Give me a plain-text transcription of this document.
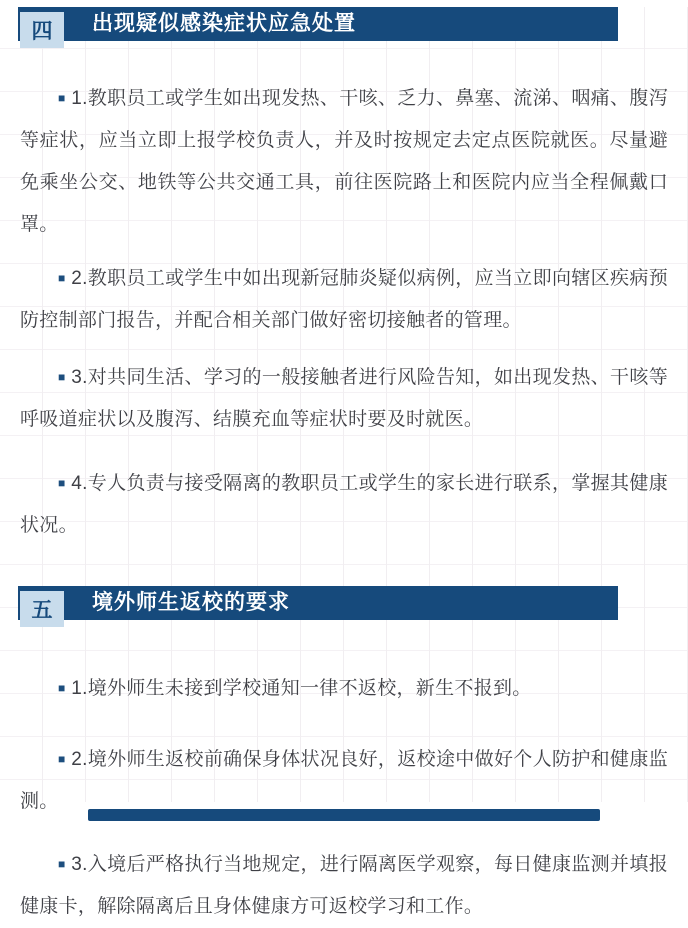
四 出现疑似感染症状应急处置

■ 1.教职员工或学生如出现发热、干咳、乏力、鼻塞、流涕、咽痛、腹泻等症状，应当立即上报学校负责人，并及时按规定去定点医院就医。尽量避免乘坐公交、地铁等公共交通工具，前往医院路上和医院内应当全程佩戴口罩。

■ 2.教职员工或学生中如出现新冠肺炎疑似病例，应当立即向辖区疾病预防控制部门报告，并配合相关部门做好密切接触者的管理。

■ 3.对共同生活、学习的一般接触者进行风险告知，如出现发热、干咳等呼吸道症状以及腹泻、结膜充血等症状时要及时就医。

■ 4.专人负责与接受隔离的教职员工或学生的家长进行联系，掌握其健康状况。

五 境外师生返校的要求

■ 1.境外师生未接到学校通知一律不返校，新生不报到。

■ 2.境外师生返校前确保身体状况良好，返校途中做好个人防护和健康监测。

■ 3.入境后严格执行当地规定，进行隔离医学观察，每日健康监测并填报健康卡，解除隔离后且身体健康方可返校学习和工作。
